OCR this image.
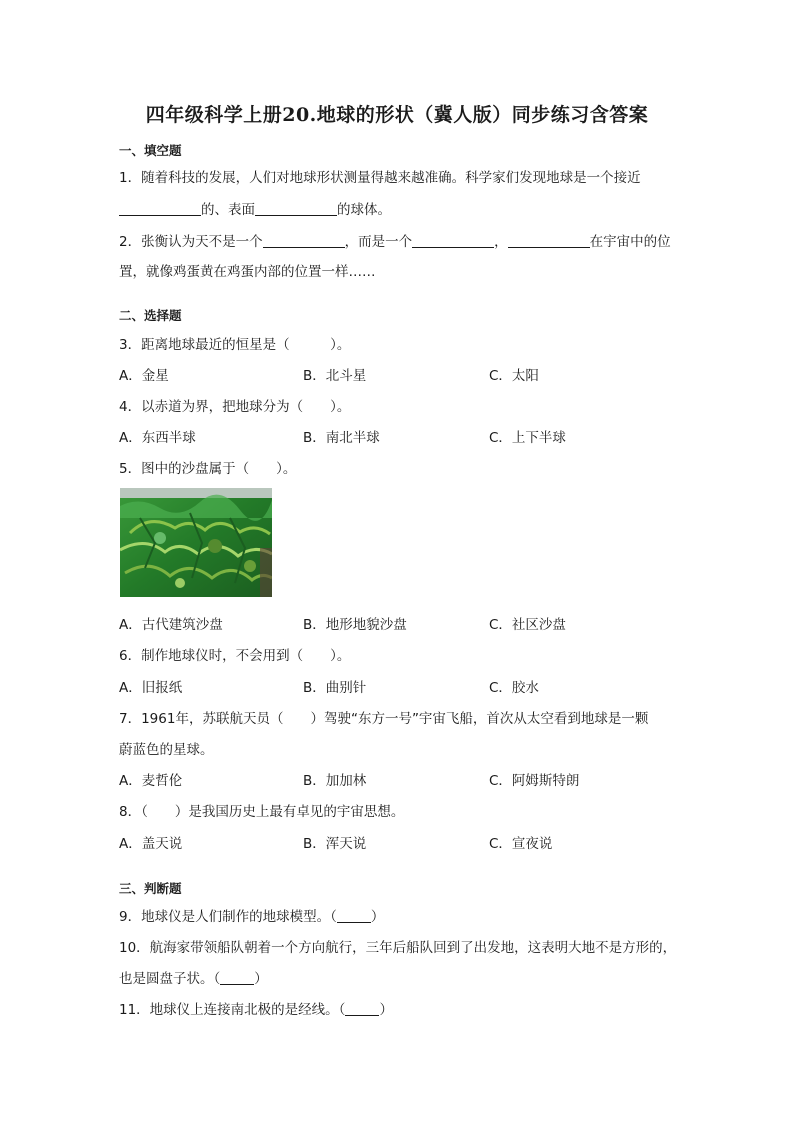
四年级科学上册20.地球的形状（冀人版）同步练习含答案
一、填空题
1．随着科技的发展，人们对地球形状测量得越来越准确。科学家们发现地球是一个接近
的、表面	的球体。
2．张衡认为天不是一个	，而是一个	，	在宇宙中的位
置，就像鸡蛋黄在鸡蛋内部的位置一样……
二、选择题
3．距离地球最近的恒星是（　　　）。
A．金星	B．北斗星	C．太阳
4．以赤道为界，把地球分为（　　）。
A．东西半球	B．南北半球	C．上下半球
5．图中的沙盘属于（　　）。
A．古代建筑沙盘	B．地形地貌沙盘	C．社区沙盘
6．制作地球仪时，不会用到（　　）。
A．旧报纸	B．曲别针	C．胶水
7．1961年，苏联航天员（　　）驾驶“东方一号”宇宙飞船，首次从太空看到地球是一颗
蔚蓝色的星球。
A．麦哲伦	B．加加林	C．阿姆斯特朗
8．（　　）是我国历史上最有卓见的宇宙思想。
A．盖天说	B．浑天说	C．宣夜说
三、判断题
9．地球仪是人们制作的地球模型。（	）
10．航海家带领船队朝着一个方向航行，三年后船队回到了出发地，这表明大地不是方形的，
也是圆盘子状。（	）
11．地球仪上连接南北极的是经线。（	）
